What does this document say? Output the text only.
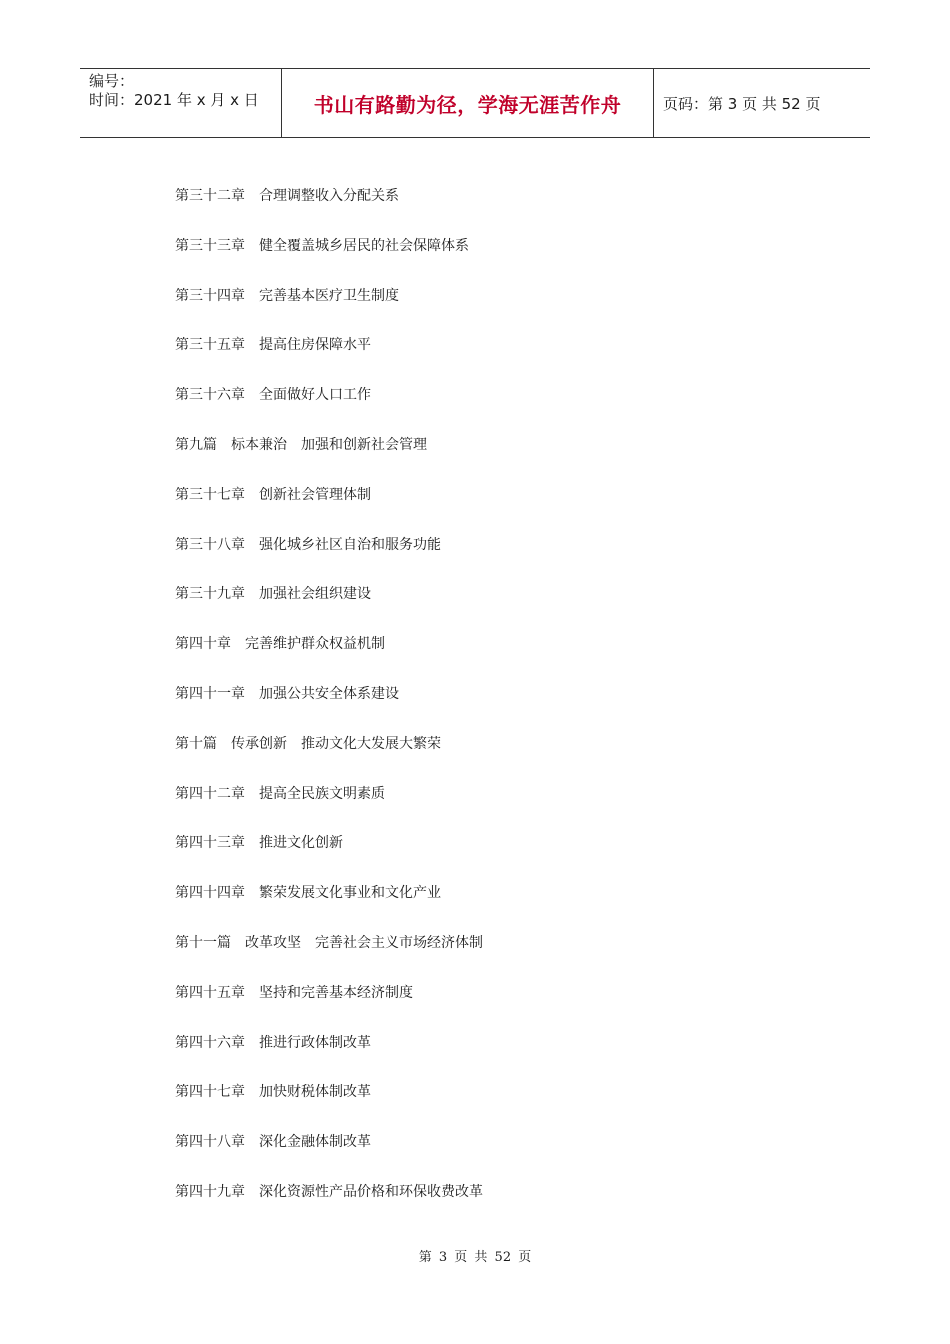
编号：
时间：2021 年 x 月 x 日	书山有路勤为径，学海无涯苦作舟	页码：第 3 页 共 52 页
第三十二章　合理调整收入分配关系
第三十三章　健全覆盖城乡居民的社会保障体系
第三十四章　完善基本医疗卫生制度
第三十五章　提高住房保障水平
第三十六章　全面做好人口工作
第九篇　标本兼治　加强和创新社会管理
第三十七章　创新社会管理体制
第三十八章　强化城乡社区自治和服务功能
第三十九章　加强社会组织建设
第四十章　完善维护群众权益机制
第四十一章　加强公共安全体系建设
第十篇　传承创新　推动文化大发展大繁荣
第四十二章　提高全民族文明素质
第四十三章　推进文化创新
第四十四章　繁荣发展文化事业和文化产业
第十一篇　改革攻坚　完善社会主义市场经济体制
第四十五章　坚持和完善基本经济制度
第四十六章　推进行政体制改革
第四十七章　加快财税体制改革
第四十八章　深化金融体制改革
第四十九章　深化资源性产品价格和环保收费改革
第 3 页 共 52 页
